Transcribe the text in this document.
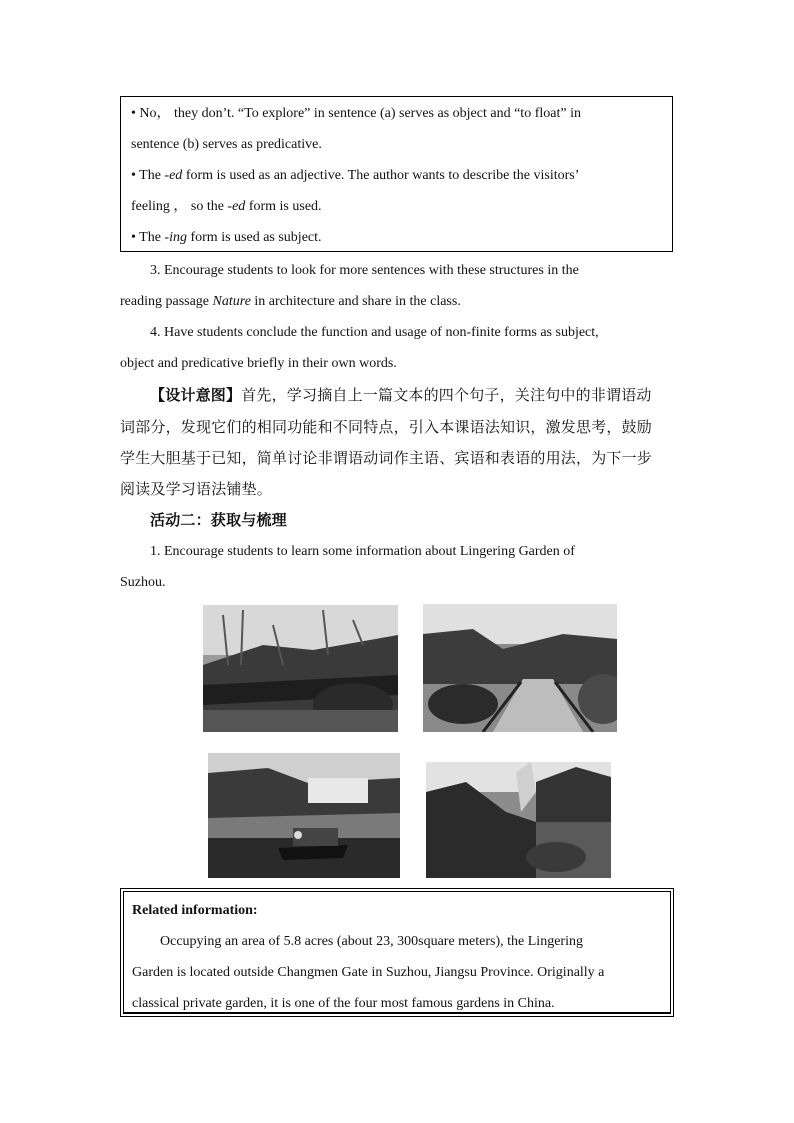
• No， they don’t. “To explore” in sentence (a) serves as object and “to float” in

sentence (b) serves as predicative.

• The -ed form is used as an adjective. The author wants to describe the visitors’

feeling ， so the -ed form is used.

• The -ing form is used as subject.

3. Encourage students to look for more sentences with these structures in the
reading passage Nature in architecture and share in the class.
4. Have students conclude the function and usage of non-finite forms as subject,
object and predicative briefly in their own words.
【设计意图】首先，学习摘自上一篇文本的四个句子，关注句中的非谓语动
词部分，发现它们的相同功能和不同特点，引入本课语法知识，激发思考，鼓励
学生大胆基于已知，简单讨论非谓语动词作主语、宾语和表语的用法，为下一步
阅读及学习语法铺垫。
活动二：获取与梳理
1. Encourage students to learn some information about Lingering Garden of
Suzhou.

Related information:

Occupying an area of 5.8 acres (about 23, 300square meters), the Lingering

Garden is located outside Changmen Gate in Suzhou, Jiangsu Province. Originally a

classical private garden, it is one of the four most famous gardens in China.
